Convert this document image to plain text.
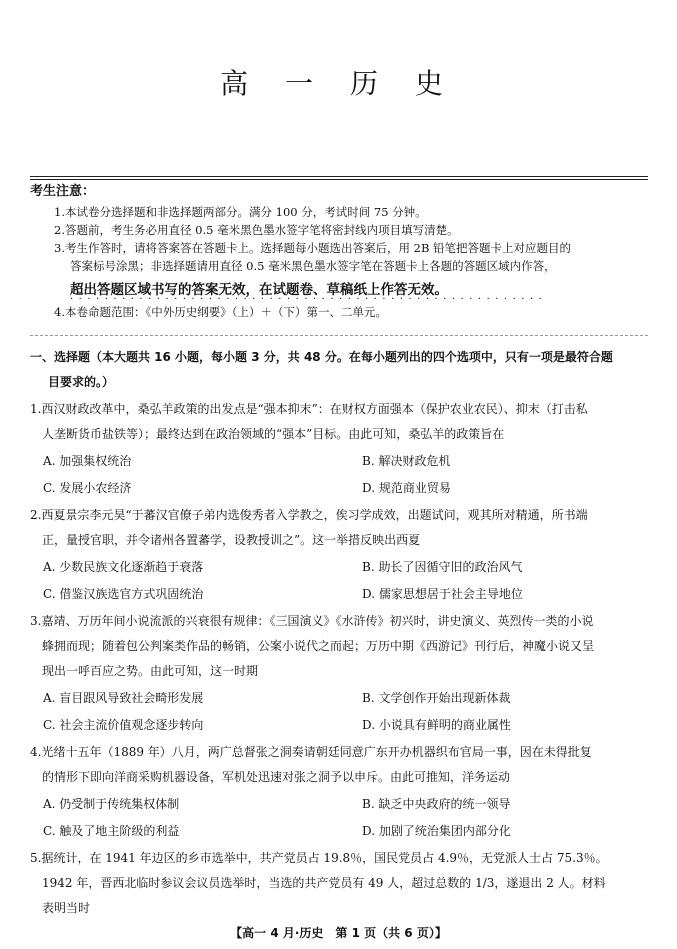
高 一 历 史
考生注意：
1.本试卷分选择题和非选择题两部分。满分 100 分，考试时间 75 分钟。
2.答题前，考生务必用直径 0.5 毫米黑色墨水签字笔将密封线内项目填写清楚。
3.考生作答时，请将答案答在答题卡上。选择题每小题选出答案后，用 2B 铅笔把答题卡上对应题目的
答案标号涂黑；非选择题请用直径 0.5 毫米黑色墨水签字笔在答题卡上各题的答题区域内作答，
超出答题区域书写的答案无效，在试题卷、草稿纸上作答无效。
·······················································
4.本卷命题范围：《中外历史纲要》（上）＋（下）第一、二单元。
一、选择题（本大题共 16 小题，每小题 3 分，共 48 分。在每小题列出的四个选项中，只有一项是最符合题
目要求的。）
1.西汉财政改革中，桑弘羊政策的出发点是“强本抑末”：在财权方面强本（保护农业农民）、抑末（打击私
人垄断货币盐铁等）；最终达到在政治领域的“强本”目标。由此可知，桑弘羊的政策旨在
A. 加强集权统治	B. 解决财政危机
C. 发展小农经济	D. 规范商业贸易
2.西夏景宗李元昊“于蕃汉官僚子弟内选俊秀者入学教之，俟习学成效，出题试问，观其所对精通，所书端
正，量授官职，并令诸州各置蕃学，设教授训之”。这一举措反映出西夏
A. 少数民族文化逐渐趋于衰落	B. 助长了因循守旧的政治风气
C. 借鉴汉族选官方式巩固统治	D. 儒家思想居于社会主导地位
3.嘉靖、万历年间小说流派的兴衰很有规律：《三国演义》《水浒传》初兴时，讲史演义、英烈传一类的小说
蜂拥而现；随着包公判案类作品的畅销，公案小说代之而起；万历中期《西游记》刊行后，神魔小说又呈
现出一呼百应之势。由此可知，这一时期
A. 盲目跟风导致社会畸形发展	B. 文学创作开始出现新体裁
C. 社会主流价值观念逐步转向	D. 小说具有鲜明的商业属性
4.光绪十五年（1889 年）八月，两广总督张之洞奏请朝廷同意广东开办机器织布官局一事，因在未得批复
的情形下即向洋商采购机器设备，军机处迅速对张之洞予以申斥。由此可推知，洋务运动
A. 仍受制于传统集权体制	B. 缺乏中央政府的统一领导
C. 触及了地主阶级的利益	D. 加剧了统治集团内部分化
5.据统计，在 1941 年边区的乡市选举中，共产党员占 19.8％，国民党员占 4.9％，无党派人士占 75.3％。
1942 年，晋西北临时参议会议员选举时，当选的共产党员有 49 人，超过总数的 1/3，遂退出 2 人。材料
表明当时
【高一 4 月·历史　第 1 页（共 6 页）】
